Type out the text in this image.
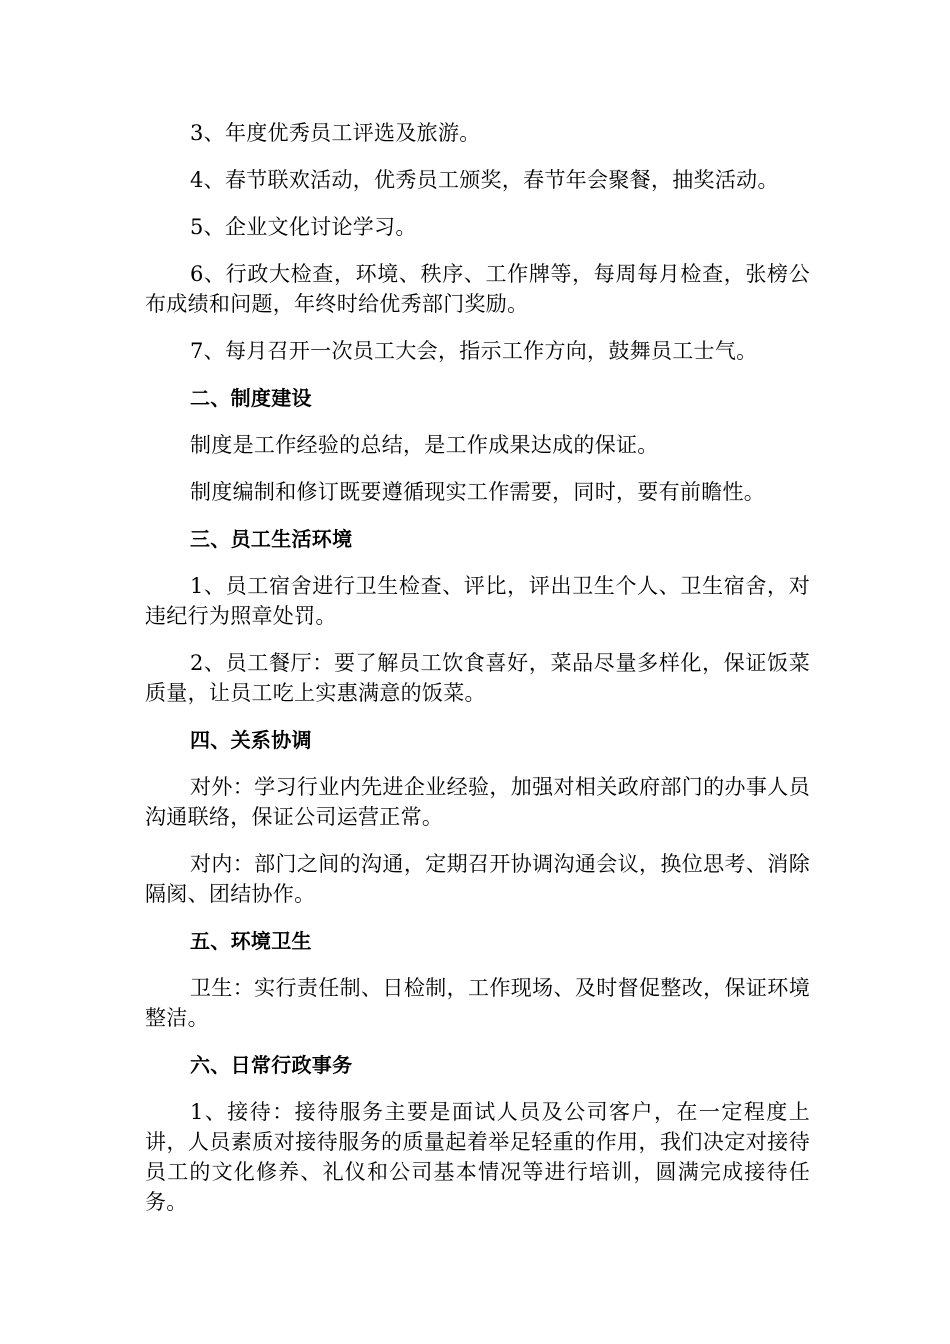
3、年度优秀员工评选及旅游。

4、春节联欢活动，优秀员工颁奖，春节年会聚餐，抽奖活动。

5、企业文化讨论学习。

6、行政大检查，环境、秩序、工作牌等，每周每月检查，张榜公布成绩和问题，年终时给优秀部门奖励。

7、每月召开一次员工大会，指示工作方向，鼓舞员工士气。

二、制度建设

制度是工作经验的总结，是工作成果达成的保证。

制度编制和修订既要遵循现实工作需要，同时，要有前瞻性。

三、员工生活环境

1、员工宿舍进行卫生检查、评比，评出卫生个人、卫生宿舍，对违纪行为照章处罚。

2、员工餐厅：要了解员工饮食喜好，菜品尽量多样化，保证饭菜质量，让员工吃上实惠满意的饭菜。

四、关系协调

对外：学习行业内先进企业经验，加强对相关政府部门的办事人员沟通联络，保证公司运营正常。

对内：部门之间的沟通，定期召开协调沟通会议，换位思考、消除隔阂、团结协作。

五、环境卫生

卫生：实行责任制、日检制，工作现场、及时督促整改，保证环境整洁。

六、日常行政事务

1、接待：接待服务主要是面试人员及公司客户，在一定程度上讲，人员素质对接待服务的质量起着举足轻重的作用，我们决定对接待员工的文化修养、礼仪和公司基本情况等进行培训，圆满完成接待任务。
